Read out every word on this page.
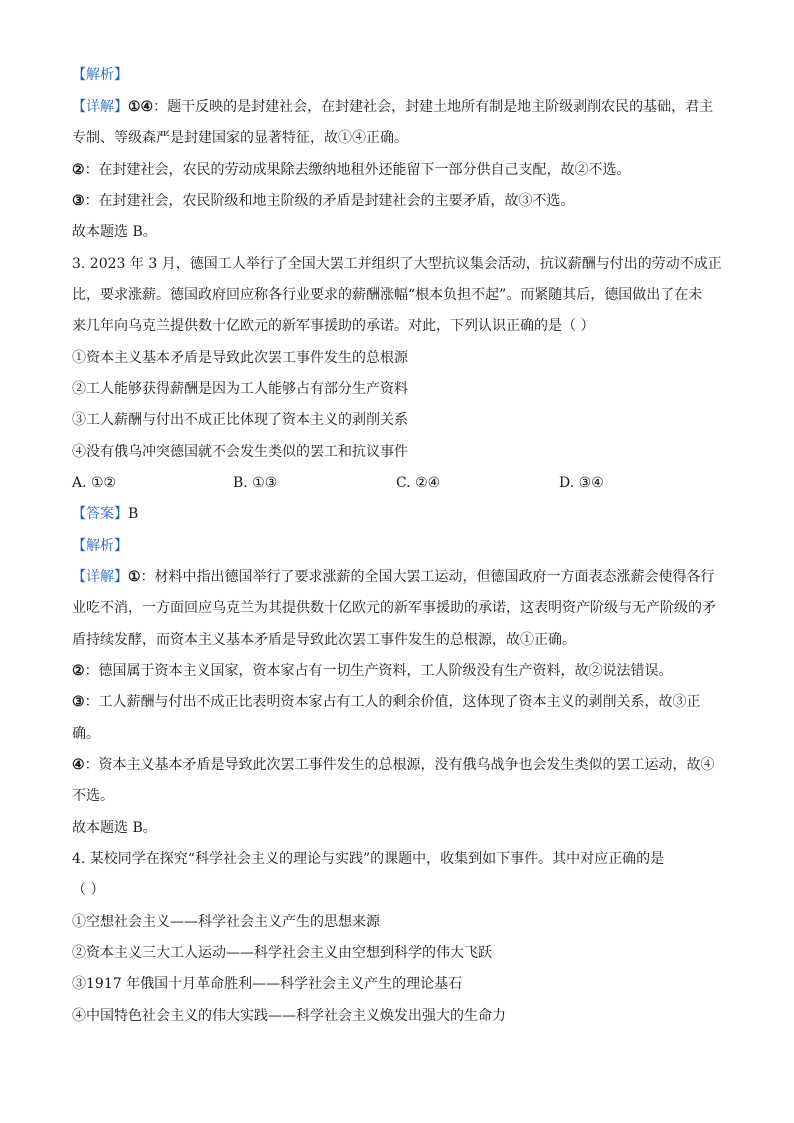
【解析】
【详解】①④：题干反映的是封建社会，在封建社会，封建土地所有制是地主阶级剥削农民的基础，君主
专制、等级森严是封建国家的显著特征，故①④正确。
②：在封建社会，农民的劳动成果除去缴纳地租外还能留下一部分供自己支配，故②不选。
③：在封建社会，农民阶级和地主阶级的矛盾是封建社会的主要矛盾，故③不选。
故本题选 B。
3. 2023 年 3 月，德国工人举行了全国大罢工并组织了大型抗议集会活动，抗议薪酬与付出的劳动不成正
比，要求涨薪。德国政府回应称各行业要求的薪酬涨幅“根本负担不起”。而紧随其后，德国做出了在未
来几年向乌克兰提供数十亿欧元的新军事援助的承诺。对此，下列认识正确的是（ ）
①资本主义基本矛盾是导致此次罢工事件发生的总根源
②工人能够获得薪酬是因为工人能够占有部分生产资料
③工人薪酬与付出不成正比体现了资本主义的剥削关系
④没有俄乌冲突德国就不会发生类似的罢工和抗议事件
A. ①②	B. ①③	C. ②④	D. ③④
【答案】B
【解析】
【详解】①：材料中指出德国举行了要求涨薪的全国大罢工运动，但德国政府一方面表态涨薪会使得各行
业吃不消，一方面回应乌克兰为其提供数十亿欧元的新军事援助的承诺，这表明资产阶级与无产阶级的矛
盾持续发酵，而资本主义基本矛盾是导致此次罢工事件发生的总根源，故①正确。
②：德国属于资本主义国家，资本家占有一切生产资料，工人阶级没有生产资料，故②说法错误。
③：工人薪酬与付出不成正比表明资本家占有工人的剩余价值，这体现了资本主义的剥削关系，故③正
确。
④：资本主义基本矛盾是导致此次罢工事件发生的总根源，没有俄乌战争也会发生类似的罢工运动，故④
不选。
故本题选 B。
4. 某校同学在探究“科学社会主义的理论与实践”的课题中，收集到如下事件。其中对应正确的是
（ ）
①空想社会主义——科学社会主义产生的思想来源
②资本主义三大工人运动——科学社会主义由空想到科学的伟大飞跃
③1917 年俄国十月革命胜利——科学社会主义产生的理论基石
④中国特色社会主义的伟大实践——科学社会主义焕发出强大的生命力
